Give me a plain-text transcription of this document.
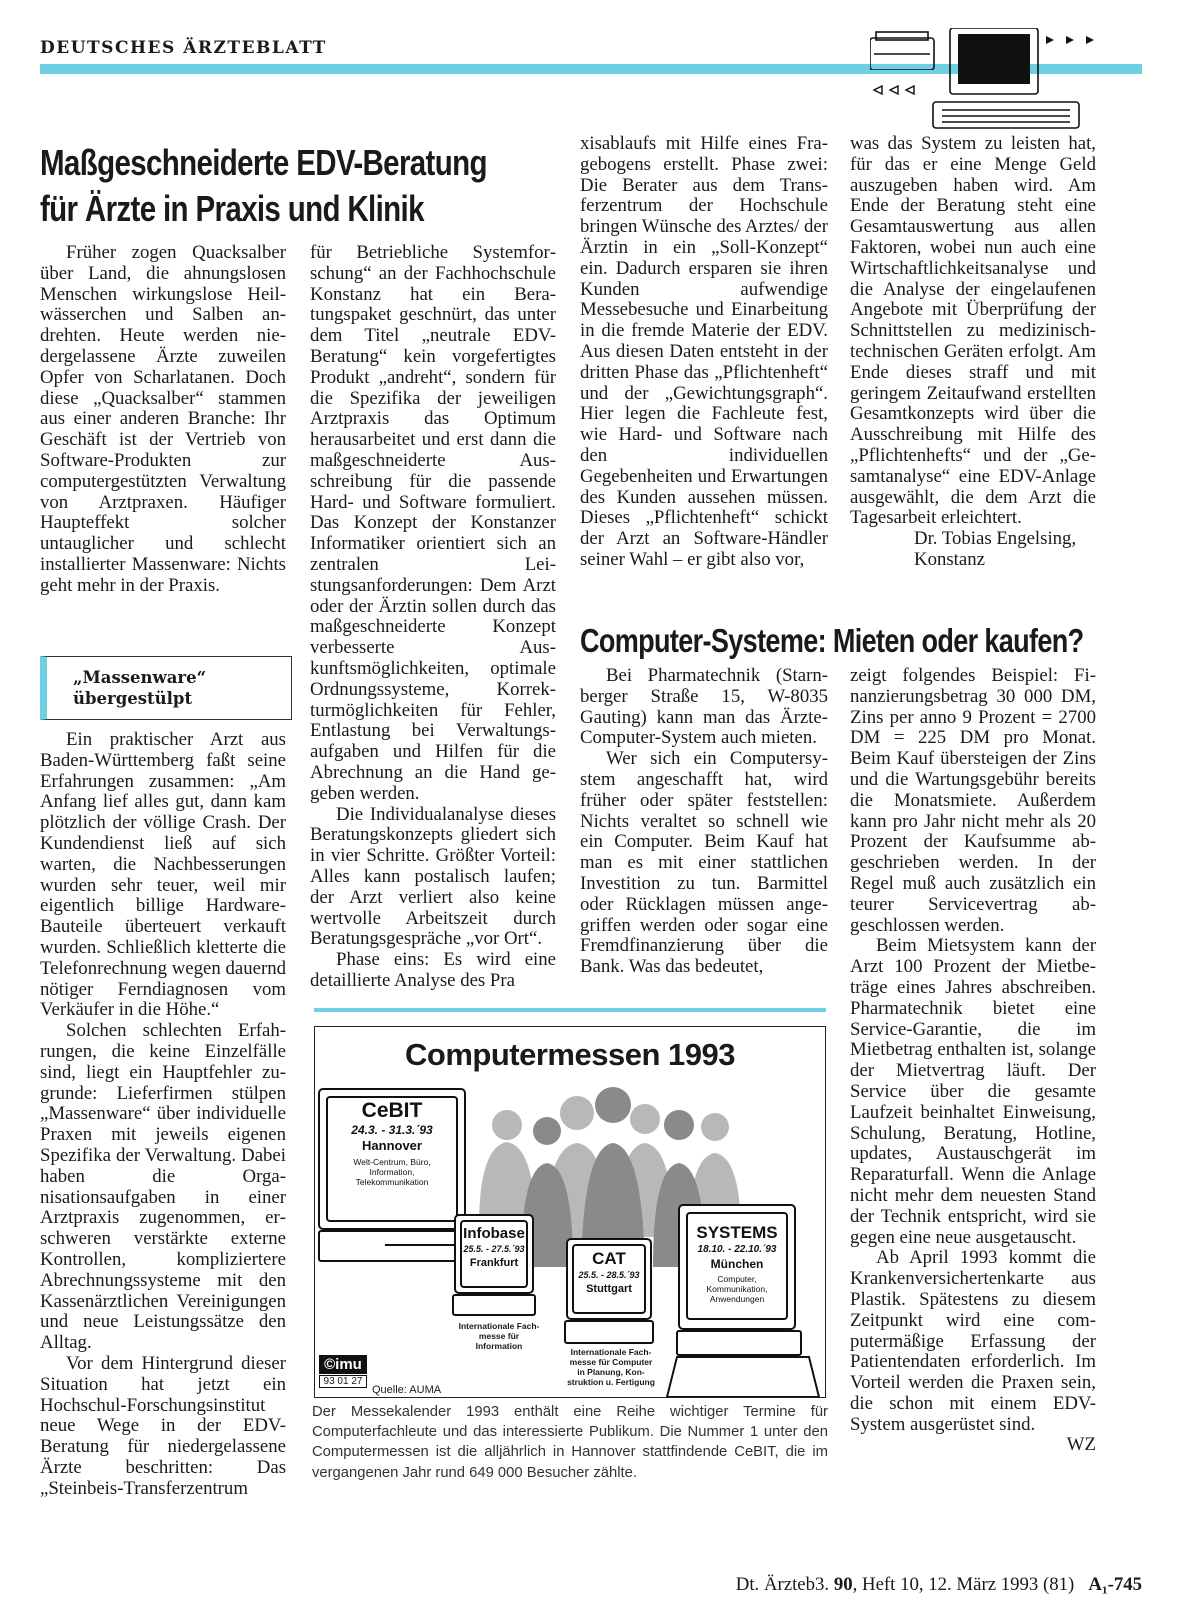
DEUTSCHES ÄRZTEBLATT
Maßgeschneiderte EDV-Beratung
für Ärzte in Praxis und Klinik

Früher zogen Quacksalber über Land, die ahnungslosen Menschen wirkungslose Heilwässerchen und Salben andrehten. Heute werden niedergelassene Ärzte zuweilen Opfer von Scharlatanen. Doch diese „Quacksalber“ stammen aus einer anderen Branche: Ihr Geschäft ist der Vertrieb von Software-Produkten zur computergestützten Verwaltung von Arztpraxen. Häufiger Haupteffekt solcher untauglicher und schlecht installierter Massenware: Nichts geht mehr in der Praxis.

„Massenware“
übergestülpt

Ein praktischer Arzt aus Baden-Württemberg faßt seine Erfahrungen zusammen: „Am Anfang lief alles gut, dann kam plötzlich der völlige Crash. Der Kundendienst ließ auf sich warten, die Nachbesserungen wurden sehr teuer, weil mir eigentlich billige Hardware-Bauteile überteuert verkauft wurden. Schließlich kletterte die Telefonrechnung wegen dauernd nötiger Ferndiagnosen vom Verkäufer in die Höhe.“

Solchen schlechten Erfahrungen, die keine Einzelfälle sind, liegt ein Hauptfehler zugrunde: Lieferfirmen stülpen „Massenware“ über individuelle Praxen mit jeweils eigenen Spezifika der Verwaltung. Dabei haben die Organisationsaufgaben in einer Arztpraxis zugenommen, erschweren verstärkte externe Kontrollen, kompliziertere Abrechnungssysteme mit den Kassenärztlichen Vereinigungen und neue Leistungssätze den Alltag.

Vor dem Hintergrund dieser Situation hat jetzt ein Hochschul-Forschungsinstitut neue Wege in der EDV-Beratung für niedergelassene Ärzte beschritten: Das „Steinbeis-Transferzentrum

für Betriebliche Systemforschung“ an der Fachhochschule Konstanz hat ein Beratungspaket geschnürt, das unter dem Titel „neutrale EDV-Beratung“ kein vorgefertigtes Produkt „andreht“, sondern für die Spezifika der jeweiligen Arztpraxis das Optimum herausarbeitet und erst dann die maßgeschneiderte Ausschreibung für die passende Hard- und Software formuliert. Das Konzept der Konstanzer Informatiker orientiert sich an zentralen Leistungsanforderungen: Dem Arzt oder der Ärztin sollen durch das maßgeschneiderte Konzept verbesserte Auskunftsmöglichkeiten, optimale Ordnungssysteme, Korrekturmöglichkeiten für Fehler, Entlastung bei Verwaltungsaufgaben und Hilfen für die Abrechnung an die Hand gegeben werden.

Die Individualanalyse dieses Beratungskonzepts gliedert sich in vier Schritte. Größter Vorteil: Alles kann postalisch laufen; der Arzt verliert also keine wertvolle Arbeitszeit durch Beratungsgespräche „vor Ort“.

Phase eins: Es wird eine detaillierte Analyse des Pra

xisablaufs mit Hilfe eines Fragebogens erstellt. Phase zwei: Die Berater aus dem Transferzentrum der Hochschule bringen Wünsche des Arztes/ der Ärztin in ein „Soll-Konzept“ ein. Dadurch ersparen sie ihren Kunden aufwendige Messebesuche und Einarbeitung in die fremde Materie der EDV. Aus diesen Daten entsteht in der dritten Phase das „Pflichtenheft“ und der „Gewichtungsgraph“. Hier legen die Fachleute fest, wie Hard- und Software nach den individuellen Gegebenheiten und Erwartungen des Kunden aussehen müssen. Dieses „Pflichtenheft“ schickt der Arzt an Software-Händler seiner Wahl – er gibt also vor,

was das System zu leisten hat, für das er eine Menge Geld auszugeben haben wird. Am Ende der Beratung steht eine Gesamtauswertung aus allen Faktoren, wobei nun auch eine Wirtschaftlichkeitsanalyse und die Analyse der eingelaufenen Angebote mit Überprüfung der Schnittstellen zu medizinisch-technischen Geräten erfolgt. Am Ende dieses straff und mit geringem Zeitaufwand erstellten Gesamtkonzepts wird über die Ausschreibung mit Hilfe des „Pflichtenhefts“ und der „Gesamtanalyse“ eine EDV-Anlage ausgewählt, die dem Arzt die Tagesarbeit erleichtert.

Dr. Tobias Engelsing,

Konstanz

Computer-Systeme: Mieten oder kaufen?

Bei Pharmatechnik (Starnberger Straße 15, W-8035 Gauting) kann man das Ärzte-Computer-System auch mieten.

Wer sich ein Computersystem angeschafft hat, wird früher oder später feststellen: Nichts veraltet so schnell wie ein Computer. Beim Kauf hat man es mit einer stattlichen Investition zu tun. Barmittel oder Rücklagen müssen angegriffen werden oder sogar eine Fremdfinanzierung über die Bank. Was das bedeutet,

zeigt folgendes Beispiel: Finanzierungsbetrag 30 000 DM, Zins per anno 9 Prozent = 2700 DM = 225 DM pro Monat. Beim Kauf übersteigen der Zins und die Wartungsgebühr bereits die Monatsmiete. Außerdem kann pro Jahr nicht mehr als 20 Prozent der Kaufsumme abgeschrieben werden. In der Regel muß auch zusätzlich ein teurer Servicevertrag abgeschlossen werden.

Beim Mietsystem kann der Arzt 100 Prozent der Mietbeträge eines Jahres abschreiben. Pharmatechnik bietet eine Service-Garantie, die im Mietbetrag enthalten ist, solange der Mietvertrag läuft. Der Service über die gesamte Laufzeit beinhaltet Einweisung, Schulung, Beratung, Hotline, updates, Austauschgerät im Reparaturfall. Wenn die Anlage nicht mehr dem neuesten Stand der Technik entspricht, wird sie gegen eine neue ausgetauscht.

Ab April 1993 kommt die Krankenversichertenkarte aus Plastik. Spätestens zu diesem Zeitpunkt wird eine computermäßige Erfassung der Patientendaten erforderlich. Im Vorteil werden die Praxen sein, die schon mit einem EDV-System ausgerüstet sind.

WZ

Computermessen 1993
CeBIT
24.3. - 31.3.´93
Hannover
Welt-Centrum, Büro, Information, Telekommunikation
Infobase
25.5. - 27.5.´93
Frankfurt
Internationale Fach-messe für Information
CAT
25.5. - 28.5.´93
Stuttgart
Internationale Fach-messe für Computer in Planung, Kon-struktion u. Fertigung
SYSTEMS
18.10. - 22.10.´93
München
Computer, Kommunikation, Anwendungen
©imu
93 01 27
Quelle: AUMA
Der Messekalender 1993 enthält eine Reihe wichtiger Termine für Computerfachleute und das interessierte Publikum. Die Nummer 1 unter den Computermessen ist die alljährlich in Hannover stattfindende CeBIT, die im vergangenen Jahr rund 649 000 Besucher zählte.
Dt. Ärzteb3. 90, Heft 10, 12. März 1993 (81) A₁-745
